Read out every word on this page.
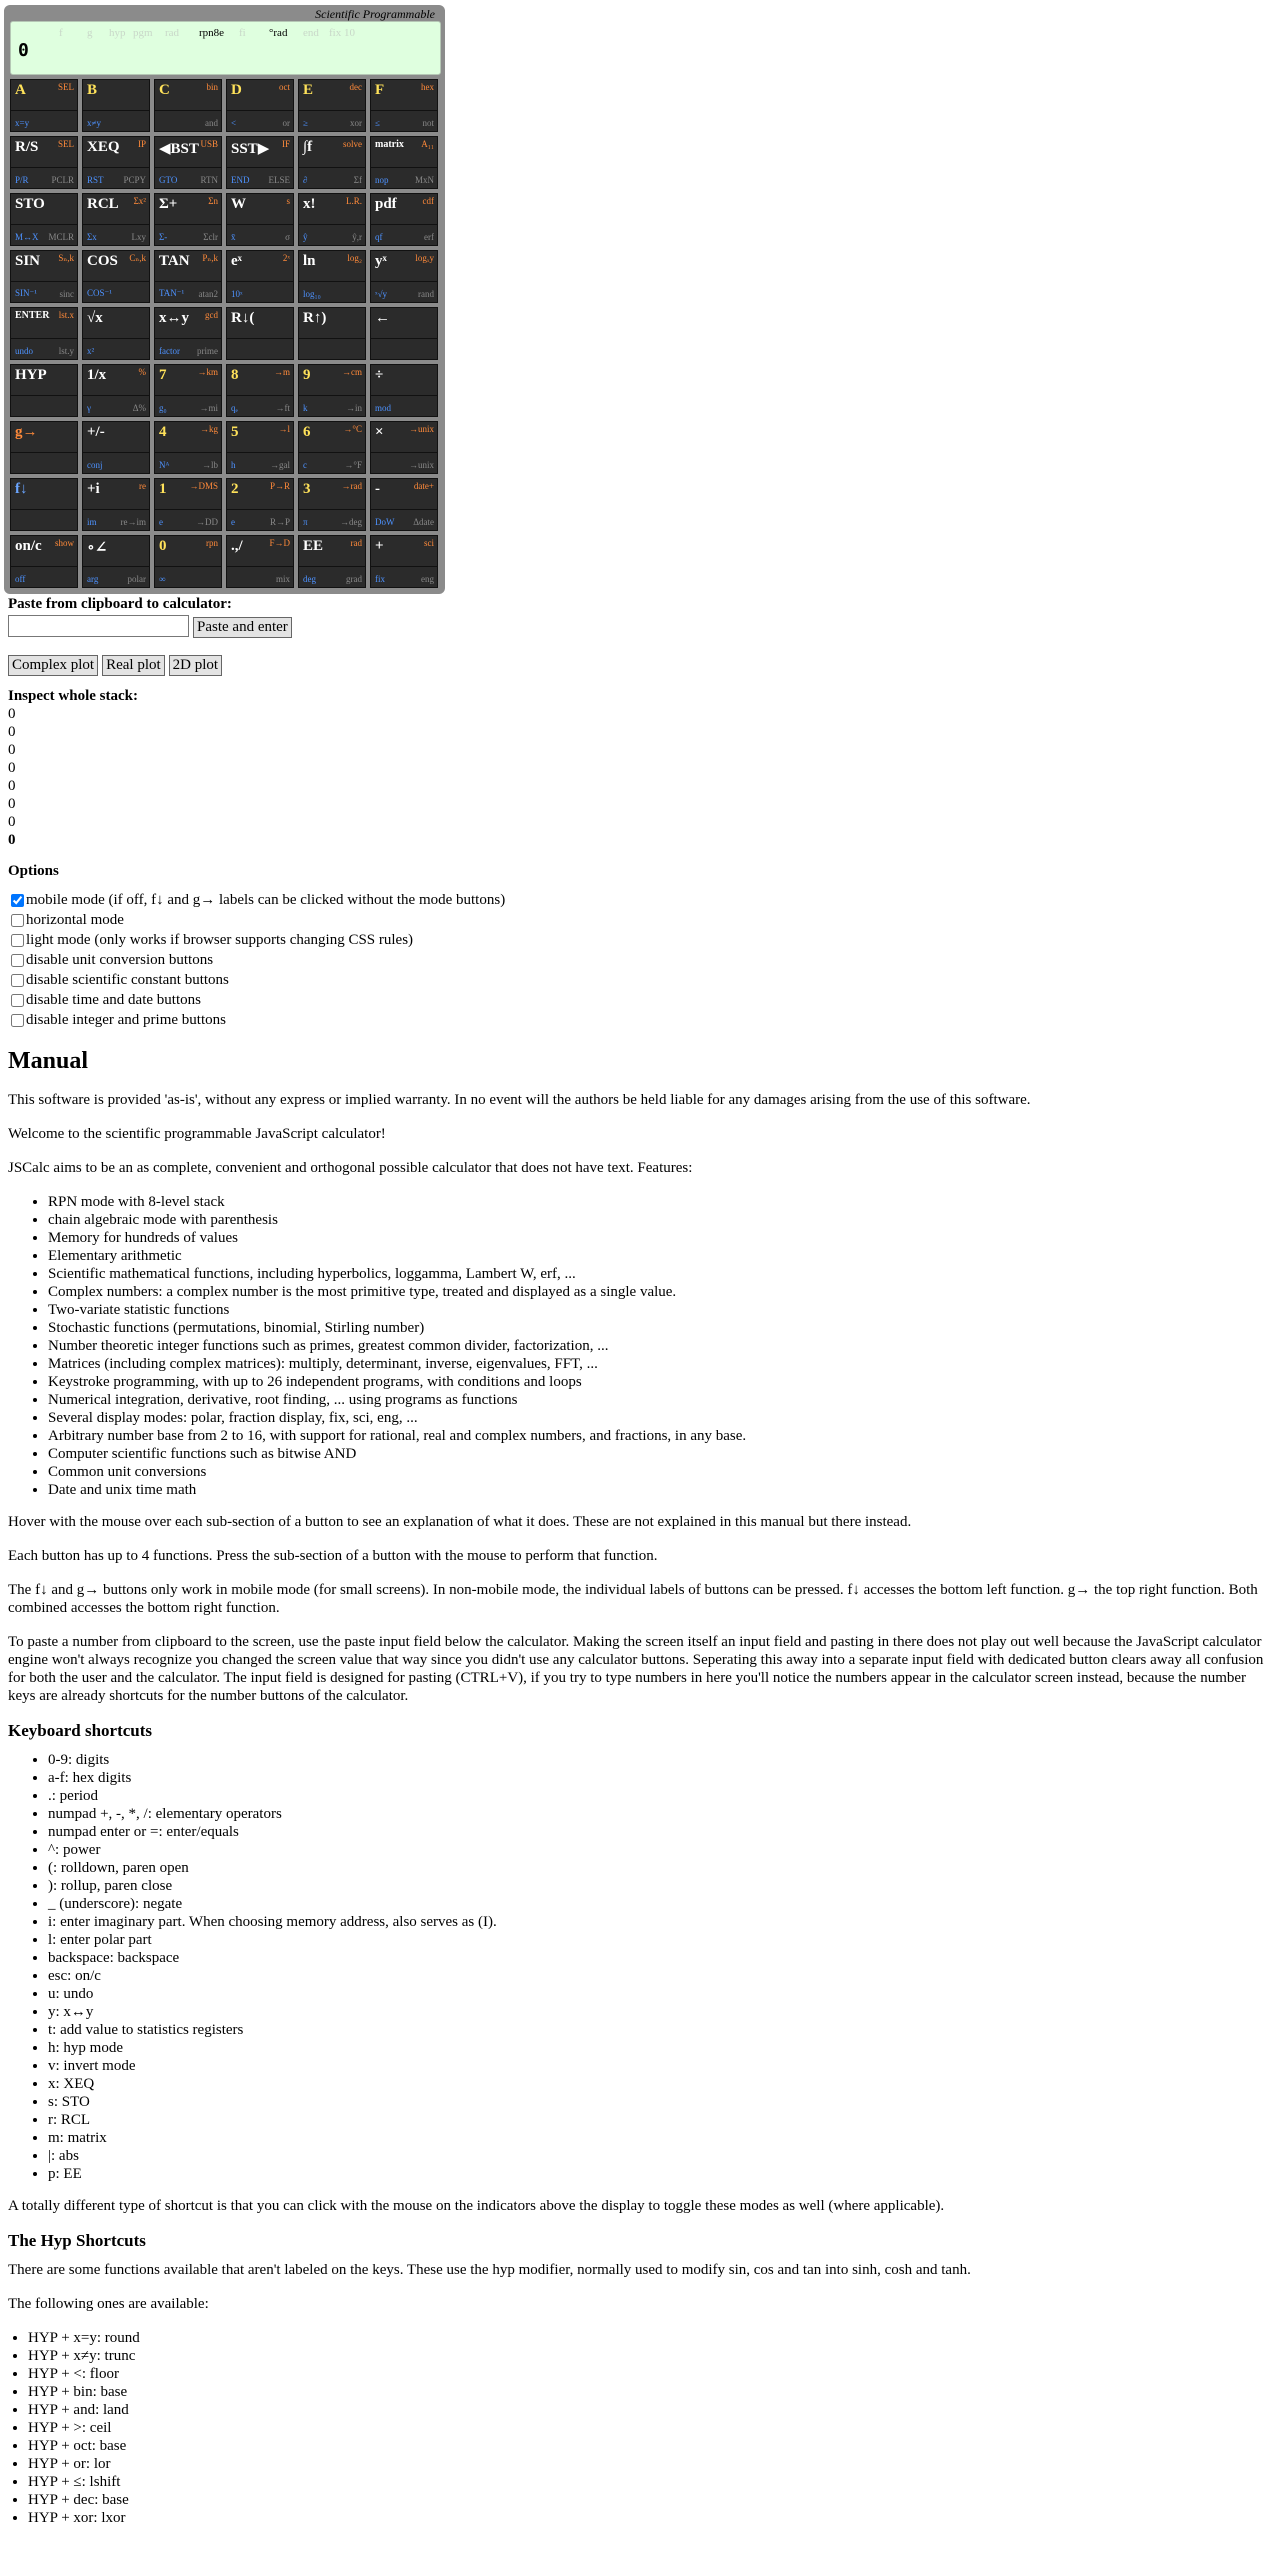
Scientific Programmable
f g hyp pgm rad rpn8e fi °rad end fix 10
0
A	SEL
x=y
B
x≠y
C	bin
and
D	oct
<	or
E	dec
≥	xor
F	hex
≤	not
R/S SEL
P/R	PCLR
XEQ IP
RST PCPY
◀BST USB
GTO	RTN
SST▶ IF
END ELSE
∫f	solve
∂	Σf
matrix A₁₁
nop	MxN
STO
M↔X MCLR
RCL Σx²
Σx	Lxy
Σ+	Σn
Σ-	Σclr
W	s
x̄	σ
x!	L.R.
ŷ	ŷ,r
pdf	cdf
qf	erf
SIN Sₙ,k
SIN⁻¹	sinc
COS Cₙ,k
COS⁻¹
TAN Pₙ,k
TAN⁻¹ atan2
eˣ	2ˣ
10ˣ
ln	log₂
log₁₀
yˣ	logₓy
ˣ√y	rand
ENTER lst.x
undo	lst.y
√x
x²
x↔y gcd
factor prime
R↓(	R↑)	←
HYP	1/x	%
γ	Δ%
7	→km
g₀	→mi
8	→m
qₑ	→ft
9	→cm
k	→in
÷
mod
g→	+/-
conj
4	→kg
Nᴬ	→lb
5	→l
h	→gal
6	→°C
c	→°F
×	→unix
→unix
f↓	+i	re
im	re→im
1	→DMS
e	→DD
2	P→R
e	R→P
3	→rad
π	→deg
-	date+
DoW Δdate
on/c show
off
∘∠
arg	polar
0	rpn
∞
.,/	F→D
mix
EE	rad
deg	grad
+	sci
fix	eng
Paste from clipboard to calculator:
Paste and enter
Complex plot Real plot 2D plot
Inspect whole stack:
0
0
0
0
0
0
0
0
Options
mobile mode (if off, f↓ and g→ labels can be clicked without the mode buttons)
horizontal mode
light mode (only works if browser supports changing CSS rules)
disable unit conversion buttons
disable scientific constant buttons
disable time and date buttons
disable integer and prime buttons
Manual

This software is provided 'as-is', without any express or implied warranty. In no event will the authors be held liable for any damages arising from the use of this software.

Welcome to the scientific programmable JavaScript calculator!

JSCalc aims to be an as complete, convenient and orthogonal possible calculator that does not have text. Features:

• RPN mode with 8-level stack
• chain algebraic mode with parenthesis
• Memory for hundreds of values
• Elementary arithmetic
• Scientific mathematical functions, including hyperbolics, loggamma, Lambert W, erf, ...
• Complex numbers: a complex number is the most primitive type, treated and displayed as a single value.
• Two-variate statistic functions
• Stochastic functions (permutations, binomial, Stirling number)
• Number theoretic integer functions such as primes, greatest common divider, factorization, ...
• Matrices (including complex matrices): multiply, determinant, inverse, eigenvalues, FFT, ...
• Keystroke programming, with up to 26 independent programs, with conditions and loops
• Numerical integration, derivative, root finding, ... using programs as functions
• Several display modes: polar, fraction display, fix, sci, eng, ...
• Arbitrary number base from 2 to 16, with support for rational, real and complex numbers, and fractions, in any base.
• Computer scientific functions such as bitwise AND
• Common unit conversions
• Date and unix time math

Hover with the mouse over each sub-section of a button to see an explanation of what it does. These are not explained in this manual but there instead.

Each button has up to 4 functions. Press the sub-section of a button with the mouse to perform that function.

The f↓ and g→ buttons only work in mobile mode (for small screens). In non-mobile mode, the individual labels of buttons can be pressed. f↓ accesses the bottom left function. g→ the top right function. Both combined accesses the bottom right function.

To paste a number from clipboard to the screen, use the paste input field below the calculator. Making the screen itself an input field and pasting in there does not play out well because the JavaScript calculator engine won't always recognize you changed the screen value that way since you didn't use any calculator buttons. Seperating this away into a separate input field with dedicated button clears away all confusion for both the user and the calculator. The input field is designed for pasting (CTRL+V), if you try to type numbers in here you'll notice the numbers appear in the calculator screen instead, because the number keys are already shortcuts for the number buttons of the calculator.

Keyboard shortcuts
• 0-9: digits
• a-f: hex digits
• .: period
• numpad +, -, *, /: elementary operators
• numpad enter or =: enter/equals
• ^: power
• (: rolldown, paren open
• ): rollup, paren close
• _ (underscore): negate
• i: enter imaginary part. When choosing memory address, also serves as (I).
• l: enter polar part
• backspace: backspace
• esc: on/c
• u: undo
• y: x↔y
• t: add value to statistics registers
• h: hyp mode
• v: invert mode
• x: XEQ
• s: STO
• r: RCL
• m: matrix
• |: abs
• p: EE

A totally different type of shortcut is that you can click with the mouse on the indicators above the display to toggle these modes as well (where applicable).

The Hyp Shortcuts

There are some functions available that aren't labeled on the keys. These use the hyp modifier, normally used to modify sin, cos and tan into sinh, cosh and tanh.

The following ones are available:

• HYP + x=y: round
• HYP + x≠y: trunc
• HYP + <: floor
• HYP + bin: base
• HYP + and: land
• HYP + >: ceil
• HYP + oct: base
• HYP + or: lor
• HYP + ≤: lshift
• HYP + dec: base
• HYP + xor: lxor
